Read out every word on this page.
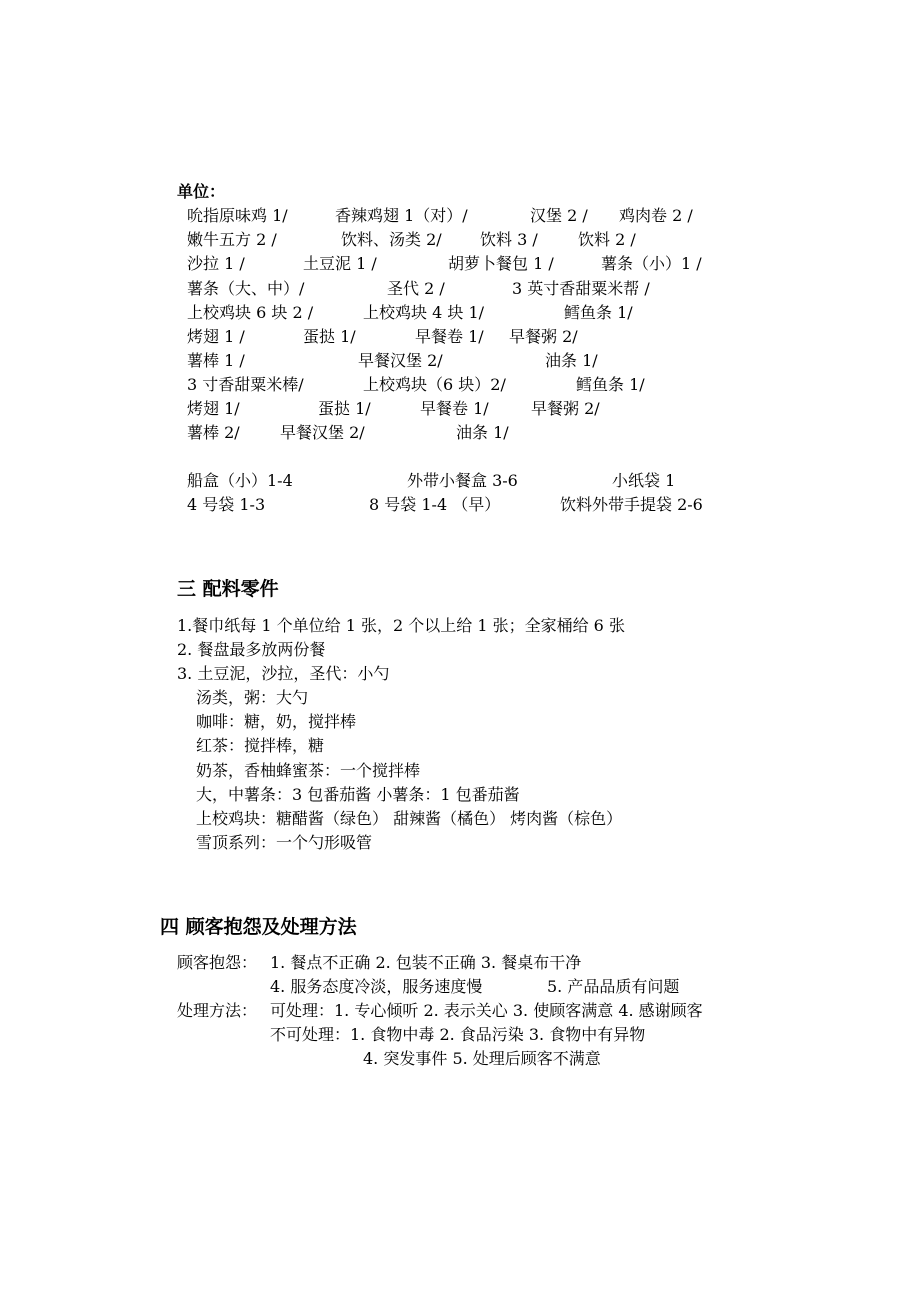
单位：
吮指原味鸡 1/	香辣鸡翅 1（对）/	汉堡 2 / 鸡肉卷 2 /
嫩牛五方 2 /	饮料、汤类 2/ 饮料 3 /	饮料 2 /
沙拉 1 /	土豆泥 1 /	胡萝卜餐包 1 /	薯条（小）1 /
薯条（大、中）/	圣代 2 /	3 英寸香甜粟米帮 /
上校鸡块 6 块 2 /	上校鸡块 4 块 1/	鳕鱼条 1/
烤翅 1 /	蛋挞 1/	早餐卷 1/ 早餐粥 2/
薯棒 1 /	早餐汉堡 2/	油条 1/
3 寸香甜粟米棒/	上校鸡块（6 块）2/	鳕鱼条 1/
烤翅 1/	蛋挞 1/	早餐卷 1/	早餐粥 2/
薯棒 2/	早餐汉堡 2/	油条 1/
船盒（小）1-4	外带小餐盒 3-6	小纸袋 1
4 号袋 1-3	8 号袋 1-4 （早）	饮料外带手提袋 2-6
三 配料零件
1.餐巾纸每 1 个单位给 1 张，2 个以上给 1 张；全家桶给 6 张
2. 餐盘最多放两份餐
3. 土豆泥，沙拉，圣代：小勺
汤类，粥：大勺
咖啡：糖，奶，搅拌棒
红茶：搅拌棒，糖
奶茶，香柚蜂蜜茶：一个搅拌棒
大，中薯条：3 包番茄酱 小薯条：1 包番茄酱
上校鸡块：糖醋酱（绿色） 甜辣酱（橘色） 烤肉酱（棕色）
雪顶系列：一个勺形吸管
四 顾客抱怨及处理方法
顾客抱怨： 1. 餐点不正确 2. 包装不正确 3. 餐桌布干净
4. 服务态度冷淡，服务速度慢	5. 产品品质有问题
处理方法： 可处理：1. 专心倾听 2. 表示关心 3. 使顾客满意 4. 感谢顾客
不可处理：1. 食物中毒 2. 食品污染 3. 食物中有异物
4. 突发事件 5. 处理后顾客不满意
